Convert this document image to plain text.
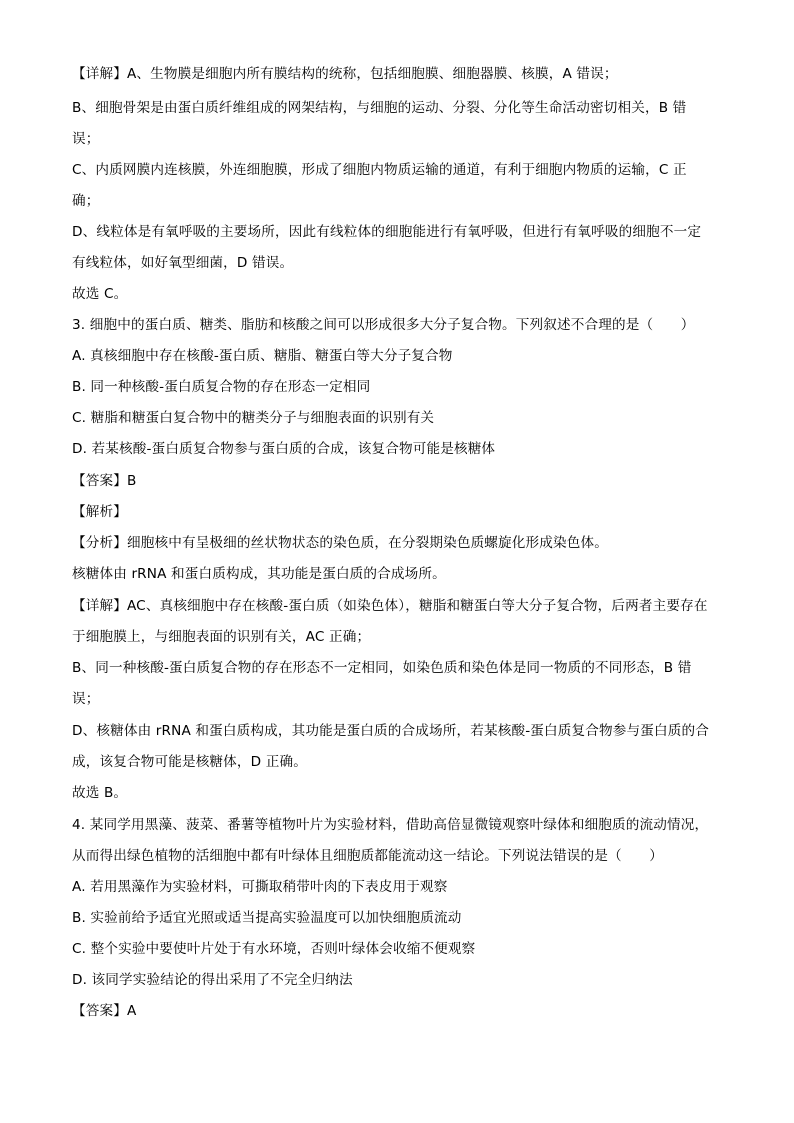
【详解】A、生物膜是细胞内所有膜结构的统称，包括细胞膜、细胞器膜、核膜，A 错误；
B、细胞骨架是由蛋白质纤维组成的网架结构，与细胞的运动、分裂、分化等生命活动密切相关，B 错
误；
C、内质网膜内连核膜，外连细胞膜，形成了细胞内物质运输的通道，有利于细胞内物质的运输，C 正
确；
D、线粒体是有氧呼吸的主要场所，因此有线粒体的细胞能进行有氧呼吸，但进行有氧呼吸的细胞不一定
有线粒体，如好氧型细菌，D 错误。
故选 C。
3. 细胞中的蛋白质、糖类、脂肪和核酸之间可以形成很多大分子复合物。下列叙述不合理的是（　　）
A. 真核细胞中存在核酸-蛋白质、糖脂、糖蛋白等大分子复合物
B. 同一种核酸-蛋白质复合物的存在形态一定相同
C. 糖脂和糖蛋白复合物中的糖类分子与细胞表面的识别有关
D. 若某核酸-蛋白质复合物参与蛋白质的合成，该复合物可能是核糖体
【答案】B
【解析】
【分析】细胞核中有呈极细的丝状物状态的染色质，在分裂期染色质螺旋化形成染色体。
核糖体由 rRNA 和蛋白质构成，其功能是蛋白质的合成场所。
【详解】AC、真核细胞中存在核酸-蛋白质（如染色体），糖脂和糖蛋白等大分子复合物，后两者主要存在
于细胞膜上，与细胞表面的识别有关，AC 正确；
B、同一种核酸-蛋白质复合物的存在形态不一定相同，如染色质和染色体是同一物质的不同形态，B 错
误；
D、核糖体由 rRNA 和蛋白质构成，其功能是蛋白质的合成场所，若某核酸-蛋白质复合物参与蛋白质的合
成，该复合物可能是核糖体，D 正确。
故选 B。
4. 某同学用黑藻、菠菜、番薯等植物叶片为实验材料，借助高倍显微镜观察叶绿体和细胞质的流动情况，
从而得出绿色植物的活细胞中都有叶绿体且细胞质都能流动这一结论。下列说法错误的是（　　）
A. 若用黑藻作为实验材料，可撕取稍带叶肉的下表皮用于观察
B. 实验前给予适宜光照或适当提高实验温度可以加快细胞质流动
C. 整个实验中要使叶片处于有水环境，否则叶绿体会收缩不便观察
D. 该同学实验结论的得出采用了不完全归纳法
【答案】A
